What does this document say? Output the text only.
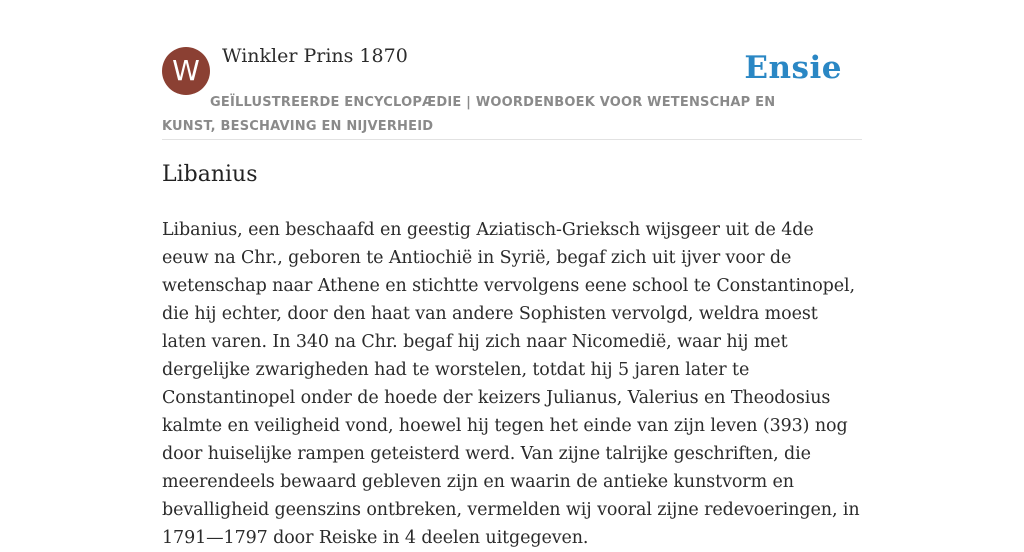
W	Winkler Prins 1870	Ensie
GEÏLLUSTREERDE ENCYCLOPÆDIE | WOORDENBOEK VOOR WETENSCHAP EN KUNST, BESCHAVING EN NIJVERHEID
Libanius

Libanius, een beschaafd en geestig Aziatisch-Grieksch wijsgeer uit de 4de eeuw na Chr., geboren te Antiochië in Syrië, begaf zich uit ijver voor de wetenschap naar Athene en stichtte vervolgens eene school te Constantinopel, die hij echter, door den haat van andere Sophisten vervolgd, weldra moest laten varen. In 340 na Chr. begaf hij zich naar Nicomedië, waar hij met dergelijke zwarigheden had te worstelen, totdat hij 5 jaren later te Constantinopel onder de hoede der keizers Julianus, Valerius en Theodosius kalmte en veiligheid vond, hoewel hij tegen het einde van zijn leven (393) nog door huiselijke rampen geteisterd werd. Van zijne talrijke geschriften, die meerendeels bewaard gebleven zijn en waarin de antieke kunstvorm en bevalligheid geenszins ontbreken, vermelden wij vooral zijne redevoeringen, in 1791—1797 door Reiske in 4 deelen uitgegeven.
